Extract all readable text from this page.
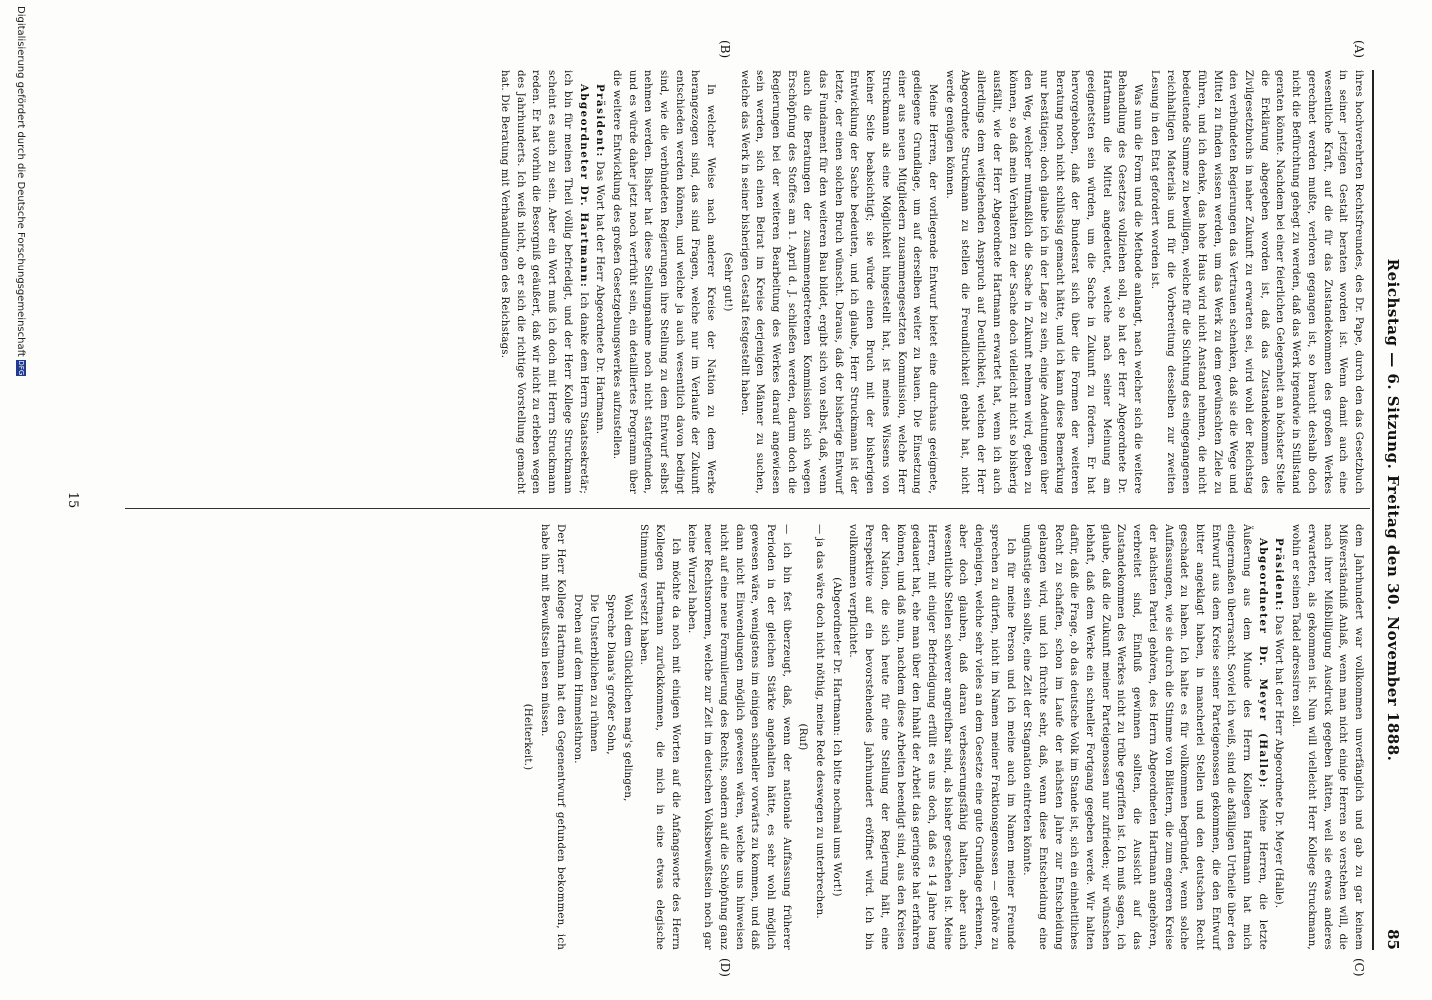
Reichstag — 6. Sitzung. Freitag den 30. November 1888.
85
(A)
(B)
(C)
(D)

ihres hochverehrten Rechtsfreundes, des Dr. Pape, durch den das Gesetzbuch in seiner jetzigen Gestalt beraten worden ist. Wenn damit auch eine wesentliche Kraft, auf die für das Zustandekommen des großen Werkes gerechnet werden mußte, verloren gegangen ist, so braucht deshalb doch nicht die Befürchtung gehegt zu werden, daß das Werk irgendwie in Stillstand geraten könnte. Nachdem bei einer feierlichen Gelegenheit an höchster Stelle die Erklärung abgegeben worden ist, daß das Zustandekommen des Zivilgesetzbuchs in naher Zukunft zu erwarten sei, wird wohl der Reichstag den verbündeten Regierungen das Vertrauen schenken, daß sie die Wege und Mittel zu finden wissen werden, um das Werk zu dem gewünschten Ziele zu führen, und ich denke, das hohe Haus wird nicht Anstand nehmen, die nicht bedeutende Summe zu bewilligen, welche für die Sichtung des eingegangenen reichhaltigen Materials und für die Vorbereitung desselben zur zweiten Lesung in den Etat gefordert worden ist.

Was nun die Form und die Methode anlangt, nach welcher sich die weitere Behandlung des Gesetzes vollziehen soll, so hat der Herr Abgeordnete Dr. Hartmann die Mittel angedeutet, welche nach seiner Meinung am geeignetsten sein würden, um die Sache in Zukunft zu fördern. Er hat hervorgehoben, daß der Bundesrat sich über die Formen der weiteren Beratung noch nicht schlüssig gemacht hätte, und ich kann diese Bemerkung nur bestätigen; doch glaube ich in der Lage zu sein, einige Andeutungen über den Weg, welcher mutmaßlich die Sache in Zukunft nehmen wird, geben zu können, so daß mein Verhalten zu der Sache doch vielleicht nicht so bisherig ausfällt, wie der Herr Abgeordnete Hartmann erwartet hat, wenn ich auch allerdings dem weitgehenden Anspruch auf Deutlichkeit, welchen der Herr Abgeordnete Struckmann zu stellen die Freundlichkeit gehabt hat, nicht werde genügen können.

Meine Herren, der vorliegende Entwurf bietet eine durchaus geeignete, gediegene Grundlage, um auf derselben weiter zu bauen. Die Einsetzung einer aus neuen Mitgliedern zusammengesetzten Kommission, welche Herr Struckmann als eine Möglichkeit hingestellt hat, ist meines Wissens von keiner Seite beabsichtigt; sie würde einen Bruch mit der bisherigen Entwicklung der Sache bedeuten, und ich glaube, Herr Struckmann ist der letzte, der einen solchen Bruch wünscht. Daraus, daß der bisherige Entwurf das Fundament für den weiteren Bau bildet, ergibt sich von selbst, daß, wenn auch die Beratungen der zusammengetretenen Kommission sich wegen Erschöpfung des Stoffes am 1. April d. J. schließen werden, darum doch die Regierungen bei der weiteren Bearbeitung des Werkes darauf angewiesen sein werden, sich einen Beirat im Kreise derjenigen Männer zu suchen, welche das Werk in seiner bisherigen Gestalt festgestellt haben.

(Sehr gut!)

In welcher Weise nach anderer Kreise der Nation zu dem Werke herangezogen sind, das sind Fragen, welche nur im Verlaufe der Zukunft entschieden werden können, und welche ja auch wesentlich davon bedingt sind, wie die verbündeten Regierungen ihre Stellung zu dem Entwurf selbst nehmen werden. Bisher hat diese Stellungnahme noch nicht stattgefunden, und es würde daher jetzt noch verfrüht sein, ein detailliertes Programm über die weitere Entwicklung des großen Gesetzgebungswerkes aufzustellen.

Präsident: Das Wort hat der Herr Abgeordnete Dr. Hartmann.

Abgeordneter Dr. Hartmann: Ich danke dem Herrn Staatssekretär; ich bin für meinen Theil völlig befriedigt, und der Herr Kollege Struckmann scheint es auch zu sein. Aber ein Wort muß ich doch mit Herrn Struckmann reden. Er hat vorhin die Besorgniß geäußert, daß wir nicht zu erleben wegen des Jahrhunderts. Ich weiß nicht, ob er sich die richtige Vorstellung gemacht hat. Die Beratung mit Verhandlungen des Reichstags.

dem Jahrhundert war vollkommen unverfänglich und gab zu gar keinem Mißverständniß Anlaß, wenn man nicht einige Herren so verstehen will, die nach ihrer Mißbilligung Ausdruck gegeben hätten, weil sie etwas anderes erwarteten, als gekommen ist. Nun will vielleicht Herr Kollege Struckmann, wohin er seinen Tadel adressiren soll.

Präsident: Das Wort hat der Herr Abgeordnete Dr. Meyer (Halle).

Abgeordneter Dr. Meyer (Halle): Meine Herren, die letzte Äußerung aus dem Munde des Herrn Kollegen Hartmann hat mich eingermaßen überrascht. Soviel ich weiß, sind die abfälligen Urtheile über den Entwurf aus dem Kreise seiner Parteigenossen gekommen, die den Entwurf bitter angeklagt haben, in mancherlei Stellen und den deutschen Recht geschadet zu haben. Ich halte es für vollkommen begründet, wenn solche Auffassungen, wie sie durch die Stimme von Blättern, die zum engeren Kreise der nächsten Partei gehören, des Herrn Abgeordneten Hartmann angehören, verbreitet sind, Einfluß gewinnen sollten, die Aussicht auf das Zustandekommen des Werkes nicht zu trübe gegriffen ist. Ich muß sagen, ich glaube, daß die Zukunft meiner Parteigenossen nur zufrieden; wir wünschen lebhaft, daß dem Werke ein schneller Fortgang gegeben werde. Wir halten dafür, daß die Frage, ob das deutsche Volk im Stande ist, sich ein einheitliches Recht zu schaffen, schon im Laufe der nächsten Jahre zur Entscheidung gelangen wird, und ich fürchte sehr, daß, wenn diese Entscheidung eine ungünstige sein sollte, eine Zeit der Stagnation eintreten könnte.

Ich für meine Person und ich meine auch im Namen meiner Freunde sprechen zu dürfen, nicht im Namen meiner Fraktionsgenossen — gehöre zu denjenigen, welche sehr vieles an dem Gesetze eine gute Grundlage erkennen, aber doch glauben, daß daran verbesserungsfähig halten, aber auch wesentliche Stellen schwerer angreifbar sind, als bisher geschehen ist. Meine Herren, mit einiger Befriedigung erfüllt es uns doch, daß es 14 Jahre lang gedauert hat, ehe man über den Inhalt der Arbeit das geringste hat erfahren können, und daß nun, nachdem diese Arbeiten beendigt sind, aus den Kreisen der Nation, die sich heute für eine Stellung der Regierung hält, eine Perspektive auf ein bevorstehendes Jahrhundert eröffnet wird. Ich bin vollkommen verpflichtet.

(Abgeordneter Dr. Hartmann: Ich bitte nochmal ums Wort!)

— ja das wäre doch nicht nöthig, meine Rede deswegen zu unterbrechen.

(Ruf)

— ich bin fest überzeugt, daß, wenn der nationale Auffassung früherer Perioden in der gleichen Stärke angehalten hätte, es sehr wohl möglich gewesen wäre, wenigstens im einigen schneller vorwärts zu kommen, und daß dann nicht Einwendungen möglich gewesen wären, welche uns hinweisen nicht auf eine neue Formulierung des Rechts, sondern auf die Schöpfung ganz neuer Rechtsnormen, welche zur Zeit im deutschen Volksbewußtsein noch gar keine Wurzel haben.

Ich möchte da noch mit einigen Worten auf die Anfangsworte des Herrn Kollegen Hartmann zurückkommen, die mich in eine etwas elegische Stimmung versetzt haben.

Wohl dem Glücklichen mag's gelingen,

Spreche Diana's großer Sohn,

Die Unsterblichen zu rühmen

Drohen auf dem Himmelsthron.

Der Herr Kollege Hartmann hat den Gegenentwurf gefunden bekommen, ich habe ihn mit Bewußtsein lesen müssen.

(Heiterkeit.)

15
Digitalisierung gefördert durch die Deutsche ForschungsgemeinschaftDFG
